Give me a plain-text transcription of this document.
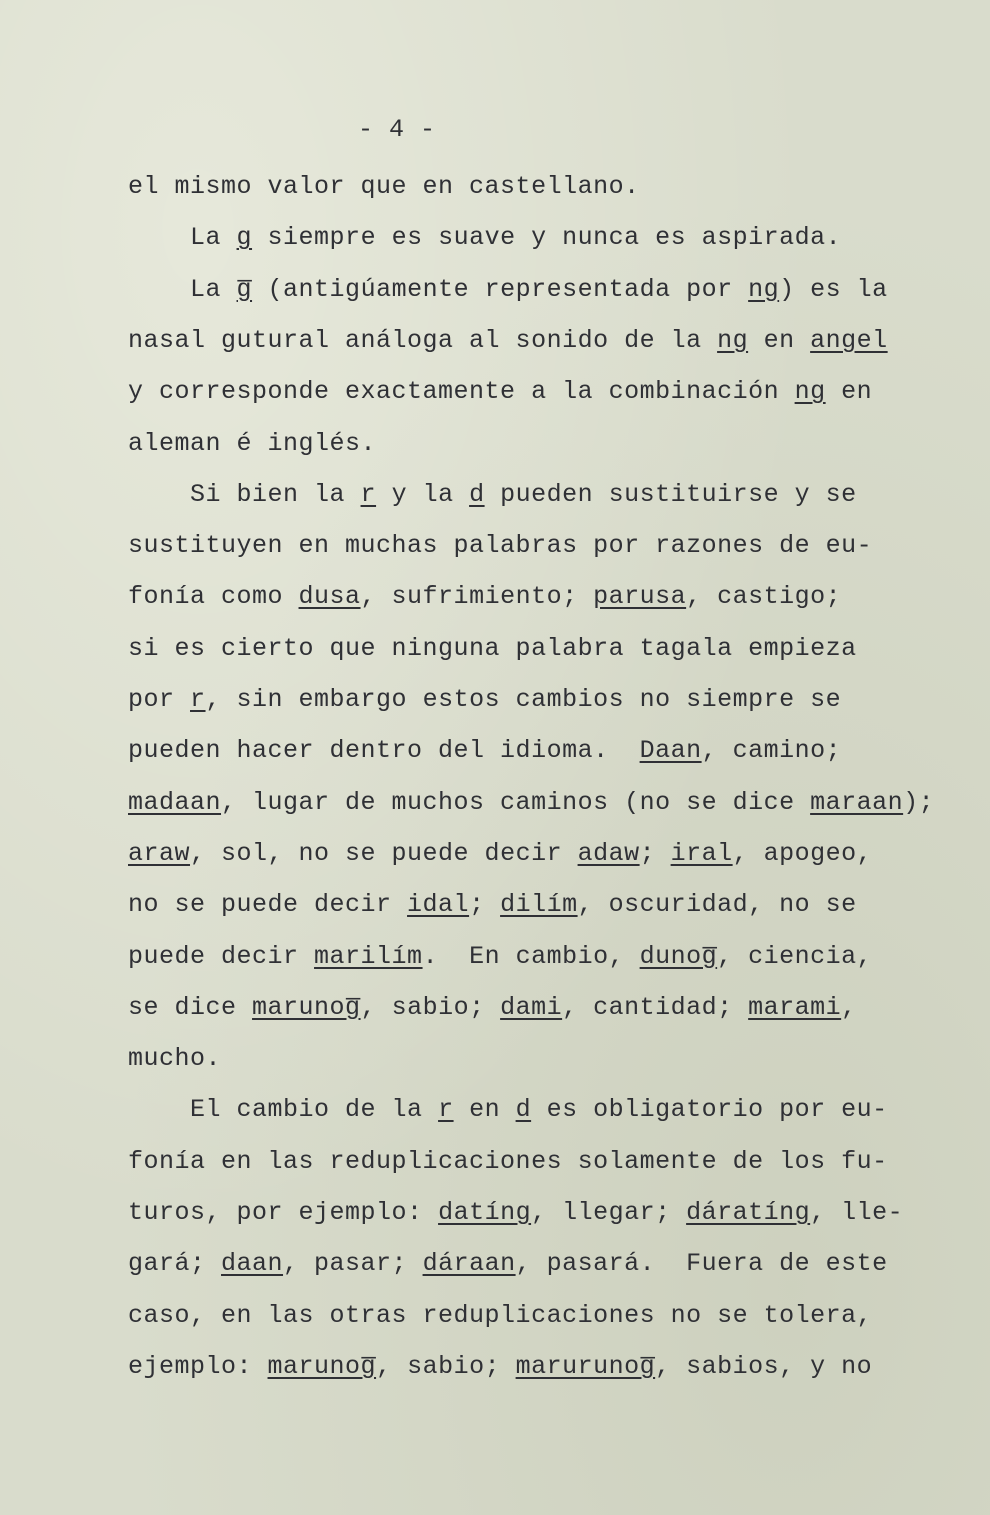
- 4 -
el mismo valor que en castellano.
La g siempre es suave y nunca es aspirada.
La g̅ (antigúamente representada por ng) es la
nasal gutural análoga al sonido de la ng en angel
y corresponde exactamente a la combinación ng en
aleman é inglés.
Si bien la r y la d pueden sustituirse y se
sustituyen en muchas palabras por razones de eu-
fonía como dusa, sufrimiento; parusa, castigo;
si es cierto que ninguna palabra tagala empieza
por r, sin embargo estos cambios no siempre se
pueden hacer dentro del idioma.  Daan, camino;
madaan, lugar de muchos caminos (no se dice maraan);
araw, sol, no se puede decir adaw; iral, apogeo,
no se puede decir idal; dilím, oscuridad, no se
puede decir marilím.  En cambio, dunog̅, ciencia,
se dice marunog̅, sabio; dami, cantidad; marami,
mucho.
El cambio de la r en d es obligatorio por eu-
fonía en las reduplicaciones solamente de los fu-
turos, por ejemplo: datíng, llegar; dáratíng, lle-
gará; daan, pasar; dáraan, pasará.  Fuera de este
caso, en las otras reduplicaciones no se tolera,
ejemplo: marunog̅, sabio; marurunog̅, sabios, y no
